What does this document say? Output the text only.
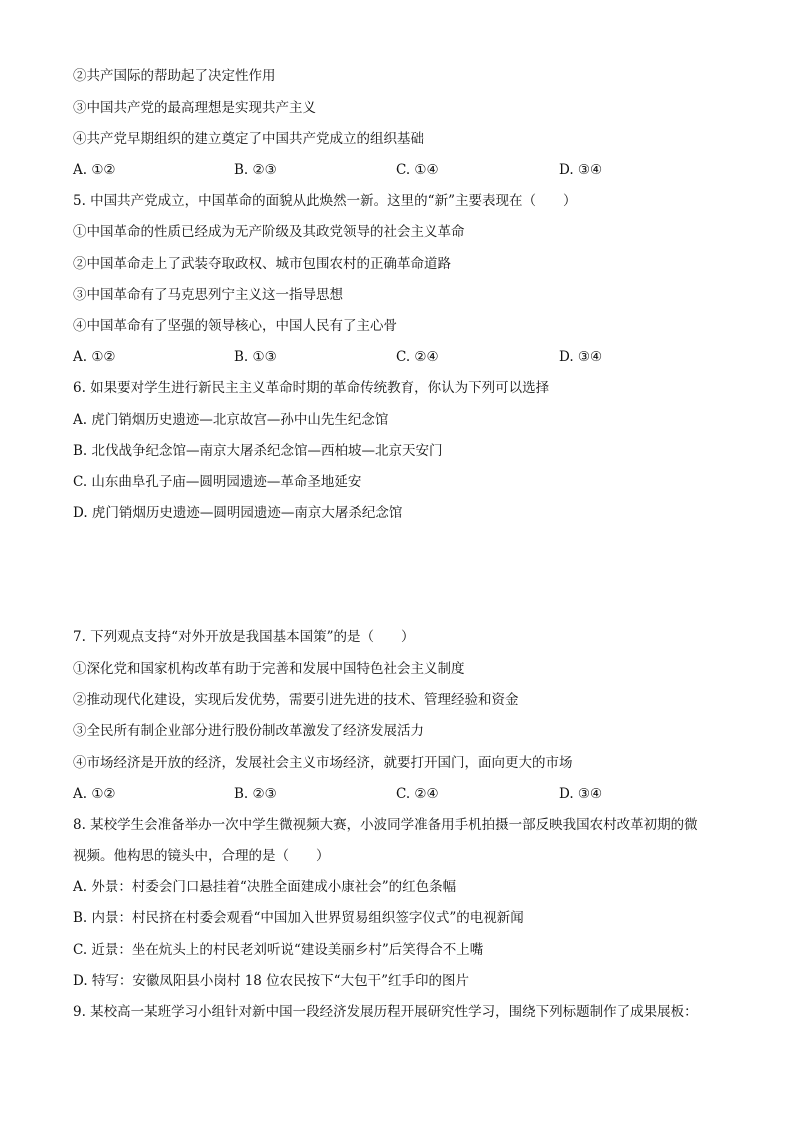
②共产国际的帮助起了决定性作用
③中国共产党的最高理想是实现共产主义
④共产党早期组织的建立奠定了中国共产党成立的组织基础
A. ①②	B. ②③	C. ①④	D. ③④
5. 中国共产党成立，中国革命的面貌从此焕然一新。这里的“新”主要表现在（　　）
①中国革命的性质已经成为无产阶级及其政党领导的社会主义革命
②中国革命走上了武装夺取政权、城市包围农村的正确革命道路
③中国革命有了马克思列宁主义这一指导思想
④中国革命有了坚强的领导核心，中国人民有了主心骨
A. ①②	B. ①③	C. ②④	D. ③④
6. 如果要对学生进行新民主主义革命时期的革命传统教育，你认为下列可以选择
A. 虎门销烟历史遗迹—北京故宫—孙中山先生纪念馆
B. 北伐战争纪念馆—南京大屠杀纪念馆—西柏坡—北京天安门
C. 山东曲阜孔子庙—圆明园遗迹—革命圣地延安
D. 虎门销烟历史遗迹—圆明园遗迹—南京大屠杀纪念馆
7. 下列观点支持“对外开放是我国基本国策”的是（　　）
①深化党和国家机构改革有助于完善和发展中国特色社会主义制度
②推动现代化建设，实现后发优势，需要引进先进的技术、管理经验和资金
③全民所有制企业部分进行股份制改革激发了经济发展活力
④市场经济是开放的经济，发展社会主义市场经济，就要打开国门，面向更大的市场
A. ①②	B. ②③	C. ②④	D. ③④
8. 某校学生会准备举办一次中学生微视频大赛，小波同学准备用手机拍摄一部反映我国农村改革初期的微
视频。他构思的镜头中，合理的是（　　）
A. 外景：村委会门口悬挂着“决胜全面建成小康社会”的红色条幅
B. 内景：村民挤在村委会观看“中国加入世界贸易组织签字仪式”的电视新闻
C. 近景：坐在炕头上的村民老刘听说“建设美丽乡村”后笑得合不上嘴
D. 特写：安徽凤阳县小岗村 18 位农民按下“大包干”红手印的图片
9. 某校高一某班学习小组针对新中国一段经济发展历程开展研究性学习，围绕下列标题制作了成果展板：
